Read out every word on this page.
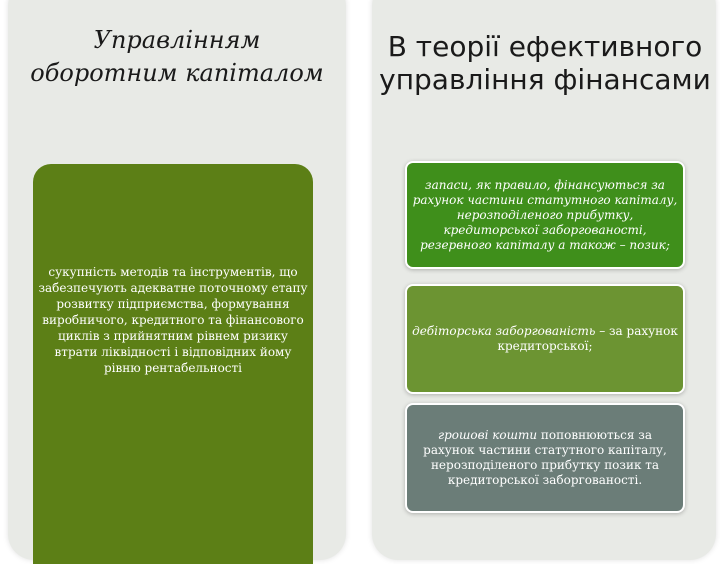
Управлінням оборотним капіталом
В теорії ефективного управління фінансами
сукупність методів та інструментів, що забезпечують адекватне поточному етапу розвитку підприємства, формування виробничого, кредитного та фінансового циклів з прийнятним рівнем ризику втрати ліквідності і відповідних йому рівню рентабельності
запаси, як правило, фінансуються за рахунок частини статутного капіталу, нерозподіленого прибутку, кредиторської заборгованості, резервного капіталу а також – позик;
дебіторська заборгованість – за рахунок кредиторської;
грошові кошти поповнюються за рахунок частини статутного капіталу, нерозподіленого прибутку позик та кредиторської заборгованості.
